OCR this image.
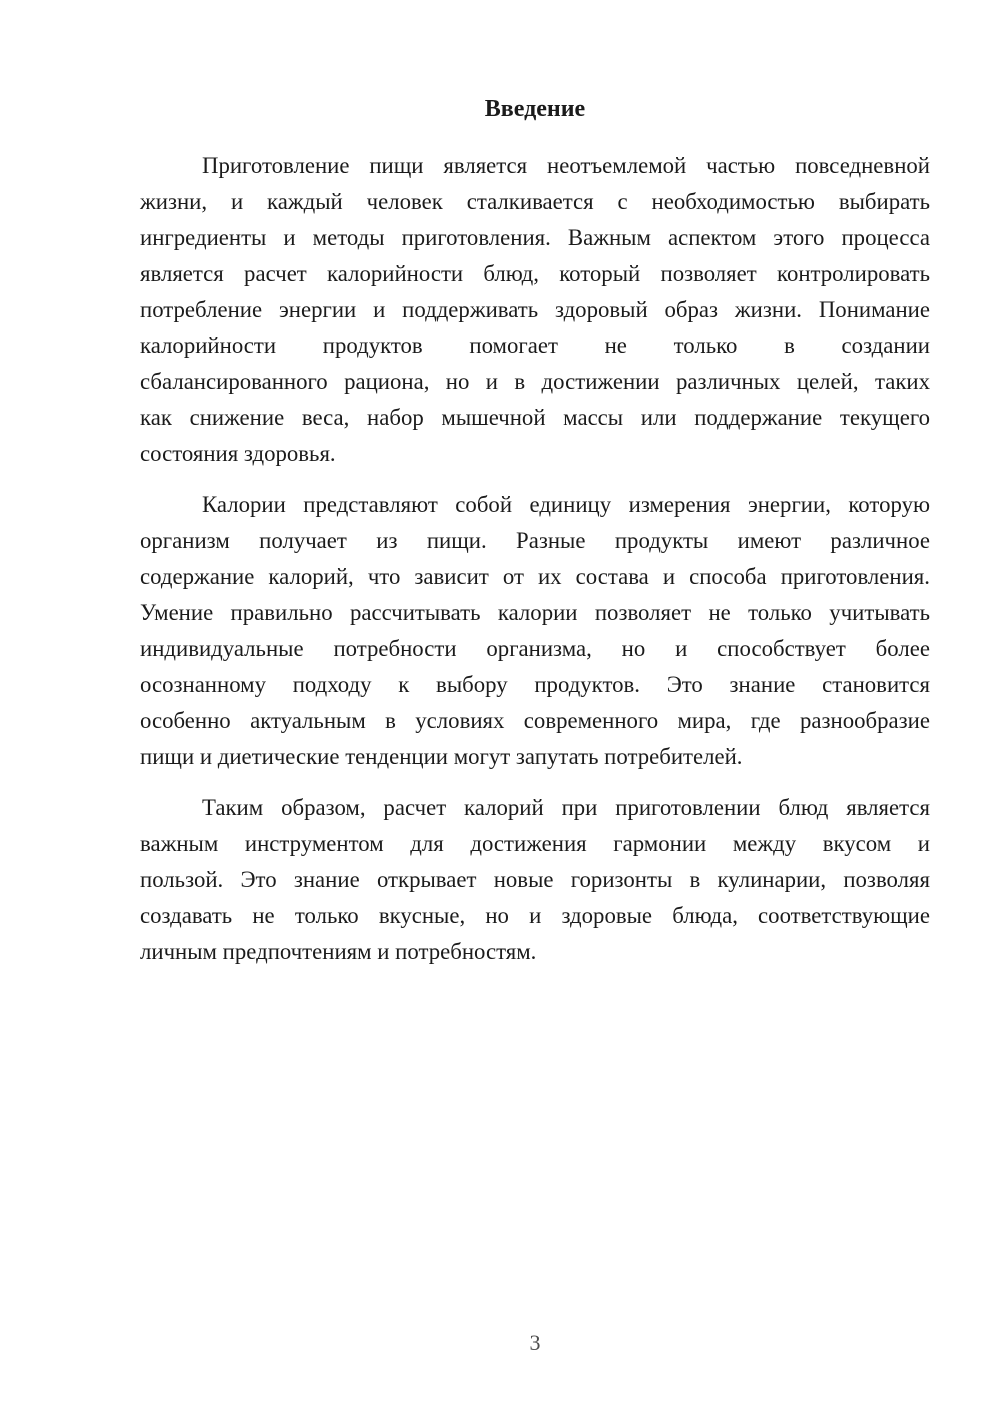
Введение
Приготовление пищи является неотъемлемой частью повседневной
жизни, и каждый человек сталкивается с необходимостью выбирать
ингредиенты и методы приготовления. Важным аспектом этого процесса
является расчет калорийности блюд, который позволяет контролировать
потребление энергии и поддерживать здоровый образ жизни. Понимание
калорийности продуктов помогает не только в создании
сбалансированного рациона, но и в достижении различных целей, таких
как снижение веса, набор мышечной массы или поддержание текущего
состояния здоровья.
Калории представляют собой единицу измерения энергии, которую
организм получает из пищи. Разные продукты имеют различное
содержание калорий, что зависит от их состава и способа приготовления.
Умение правильно рассчитывать калории позволяет не только учитывать
индивидуальные потребности организма, но и способствует более
осознанному подходу к выбору продуктов. Это знание становится
особенно актуальным в условиях современного мира, где разнообразие
пищи и диетические тенденции могут запутать потребителей.
Таким образом, расчет калорий при приготовлении блюд является
важным инструментом для достижения гармонии между вкусом и
пользой. Это знание открывает новые горизонты в кулинарии, позволяя
создавать не только вкусные, но и здоровые блюда, соответствующие
личным предпочтениям и потребностям.
3
